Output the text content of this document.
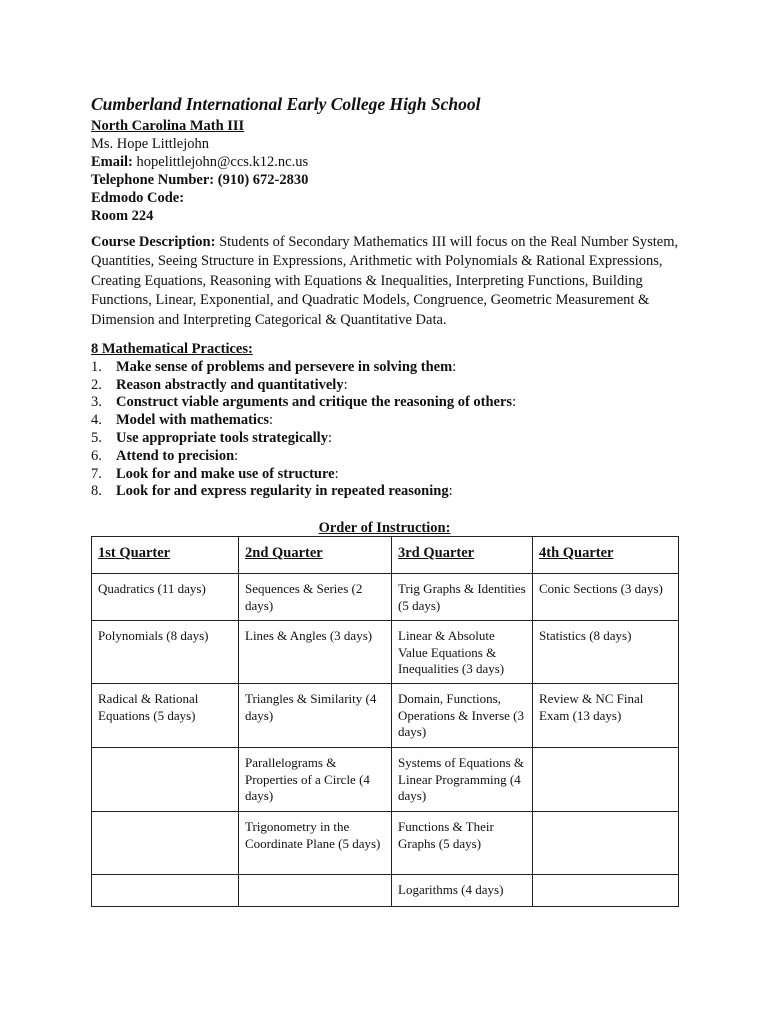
Cumberland International Early College High School
North Carolina Math III
Ms. Hope Littlejohn
Email: hopelittlejohn@ccs.k12.nc.us
Telephone Number: (910) 672-2830
Edmodo Code:
Room 224
Course Description: Students of Secondary Mathematics III will focus on the Real Number System, Quantities, Seeing Structure in Expressions, Arithmetic with Polynomials & Rational Expressions, Creating Equations, Reasoning with Equations & Inequalities, Interpreting Functions, Building Functions, Linear, Exponential, and Quadratic Models, Congruence, Geometric Measurement & Dimension and Interpreting Categorical & Quantitative Data.
8 Mathematical Practices:
1. Make sense of problems and persevere in solving them :
2. Reason abstractly and quantitatively :
3. Construct viable arguments and critique the reasoning of others :
4. Model with mathematics :
5. Use appropriate tools strategically :
6. Attend to precision :
7. Look for and make use of structure :
8. Look for and express regularity in repeated reasoning :
Order of Instruction:
1st Quarter	2nd Quarter	3rd Quarter	4th Quarter
Quadratics (11 days)	Sequences & Series (2 days)	Trig Graphs & Identities (5 days)	Conic Sections (3 days)
Polynomials (8 days)	Lines & Angles (3 days)	Linear & Absolute Value Equations & Inequalities (3 days)	Statistics (8 days)
Radical & Rational Equations (5 days)	Triangles & Similarity (4 days)	Domain, Functions, Operations & Inverse (3 days)	Review & NC Final Exam (13 days)
	Parallelograms & Properties of a Circle (4 days)	Systems of Equations & Linear Programming (4 days)	
	Trigonometry in the Coordinate Plane (5 days)	Functions & Their Graphs (5 days)	
		Logarithms (4 days)	
